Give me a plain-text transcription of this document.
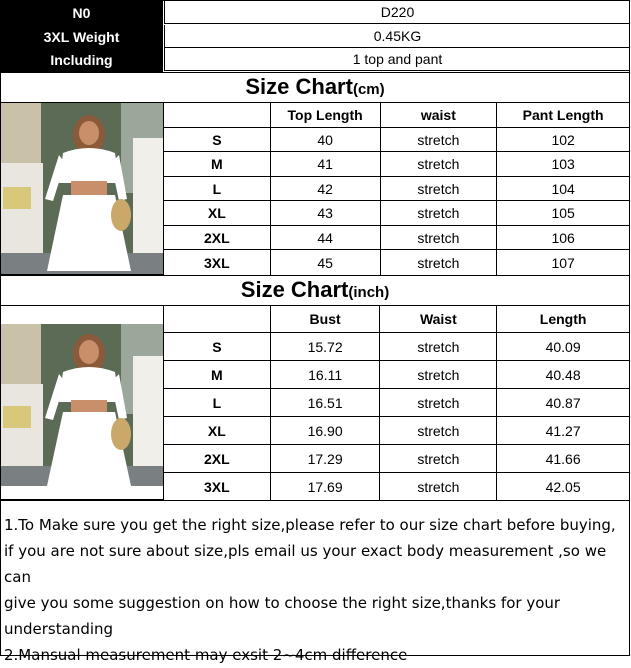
N0	D220
3XL Weight	0.45KG
Including	1 top and pant
Size Chart(cm)
	Top Length	waist	Pant Length
S	40	stretch	102
M	41	stretch	103
L	42	stretch	104
XL	43	stretch	105
2XL	44	stretch	106
3XL	45	stretch	107
Size Chart(inch)
	Bust	Waist	Length
S	15.72	stretch	40.09
M	16.11	stretch	40.48
L	16.51	stretch	40.87
XL	16.90	stretch	41.27
2XL	17.29	stretch	41.66
3XL	17.69	stretch	42.05

1.To Make sure you get the right size,please refer to our size chart before buying,

if you are not sure about size,pls email us your exact body measurement ,so we can

give you some suggestion on how to choose the right size,thanks for your

understanding

2.Mansual measurement may exsit 2~4cm difference
